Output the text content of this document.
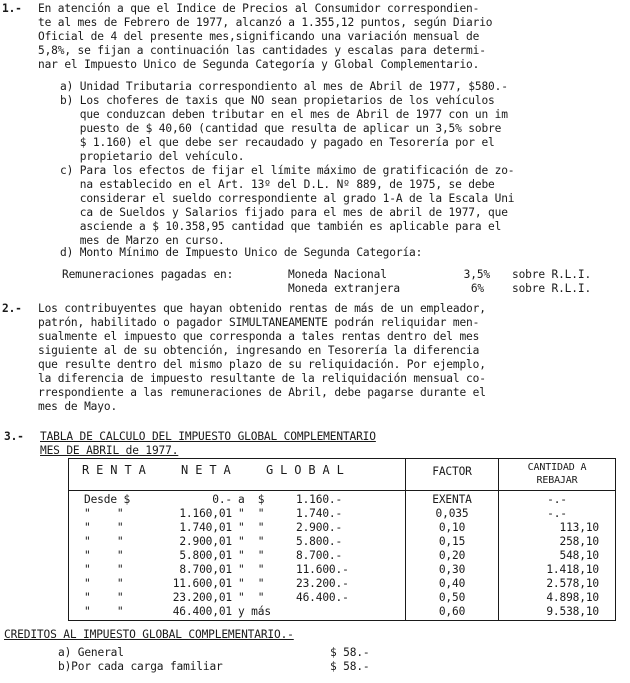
1.- En atención a que el Indice de Precios al Consumidor correspondien-
te al mes de Febrero de 1977, alcanzó a 1.355,12 puntos, según Diario
Oficial de 4 del presente mes,significando una variación mensual de
5,8%, se fijan a continuación las cantidades y escalas para determi-
nar el Impuesto Unico de Segunda Categoría y Global Complementario.
a) Unidad Tributaria correspondiento al mes de Abril de 1977, $580.-
b) Los choferes de taxis que NO sean propietarios de los vehículos
que conduzcan deben tributar en el mes de Abril de 1977 con un im
puesto de $ 40,60 (cantidad que resulta de aplicar un 3,5% sobre
$ 1.160) el que debe ser recaudado y pagado en Tesorería por el
propietario del vehículo.
c) Para los efectos de fijar el límite máximo de gratificación de zo-
na establecido en el Art. 13º del D.L. Nº 889, de 1975, se debe
considerar el sueldo correspondiente al grado 1-A de la Escala Uni
ca de Sueldos y Salarios fijado para el mes de abril de 1977, que
asciende a $ 10.358,95 cantidad que también es aplicable para el
mes de Marzo en curso.
d) Monto Mínimo de Impuesto Unico de Segunda Categoría:
Remuneraciones pagadas en:	Moneda Nacional	3,5% sobre R.L.I.
Moneda extranjera	6%	sobre R.L.I.
2.- Los contribuyentes que hayan obtenido rentas de más de un empleador,
patrón, habilitado o pagador SIMULTANEAMENTE podrán reliquidar men-
sualmente el impuesto que corresponda a tales rentas dentro del mes
siguiente al de su obtención, ingresando en Tesorería la diferencia
que resulte dentro del mismo plazo de su reliquidación. Por ejemplo,
la diferencia de impuesto resultante de la reliquidación mensual co-
rrespondiente a las remuneraciones de Abril, debe pagarse durante el
mes de Mayo.
3.- TABLA DE CALCULO DEL IMPUESTO GLOBAL COMPLEMENTARIO
MES DE ABRIL de 1977.
R E N T A     N E T A     G L O B A L	FACTOR	CANTIDAD A
REBAJAR
Desde $	0.- a  $	1.160.-	EXENTA	-.-
"    "	1.160,01 "  "	1.740.-	0,035	-.-
"    "	1.740,01 "  "	2.900.-	0,10	113,10
"    "	2.900,01 "  "	5.800.-	0,15	258,10
"    "	5.800,01 "  "	8.700.-	0,20	548,10
"    "	8.700,01 "  "	11.600.-	0,30	1.418,10
"    "	11.600,01 "  "	23.200.-	0,40	2.578,10
"    "	23.200,01 "  "	46.400.-	0,50	4.898,10
"    "	46.400,01 y más	0,60	9.538,10
CREDITOS AL IMPUESTO GLOBAL COMPLEMENTARIO.-
a) General	$ 58.-
b)Por cada carga familiar	$ 58.-
